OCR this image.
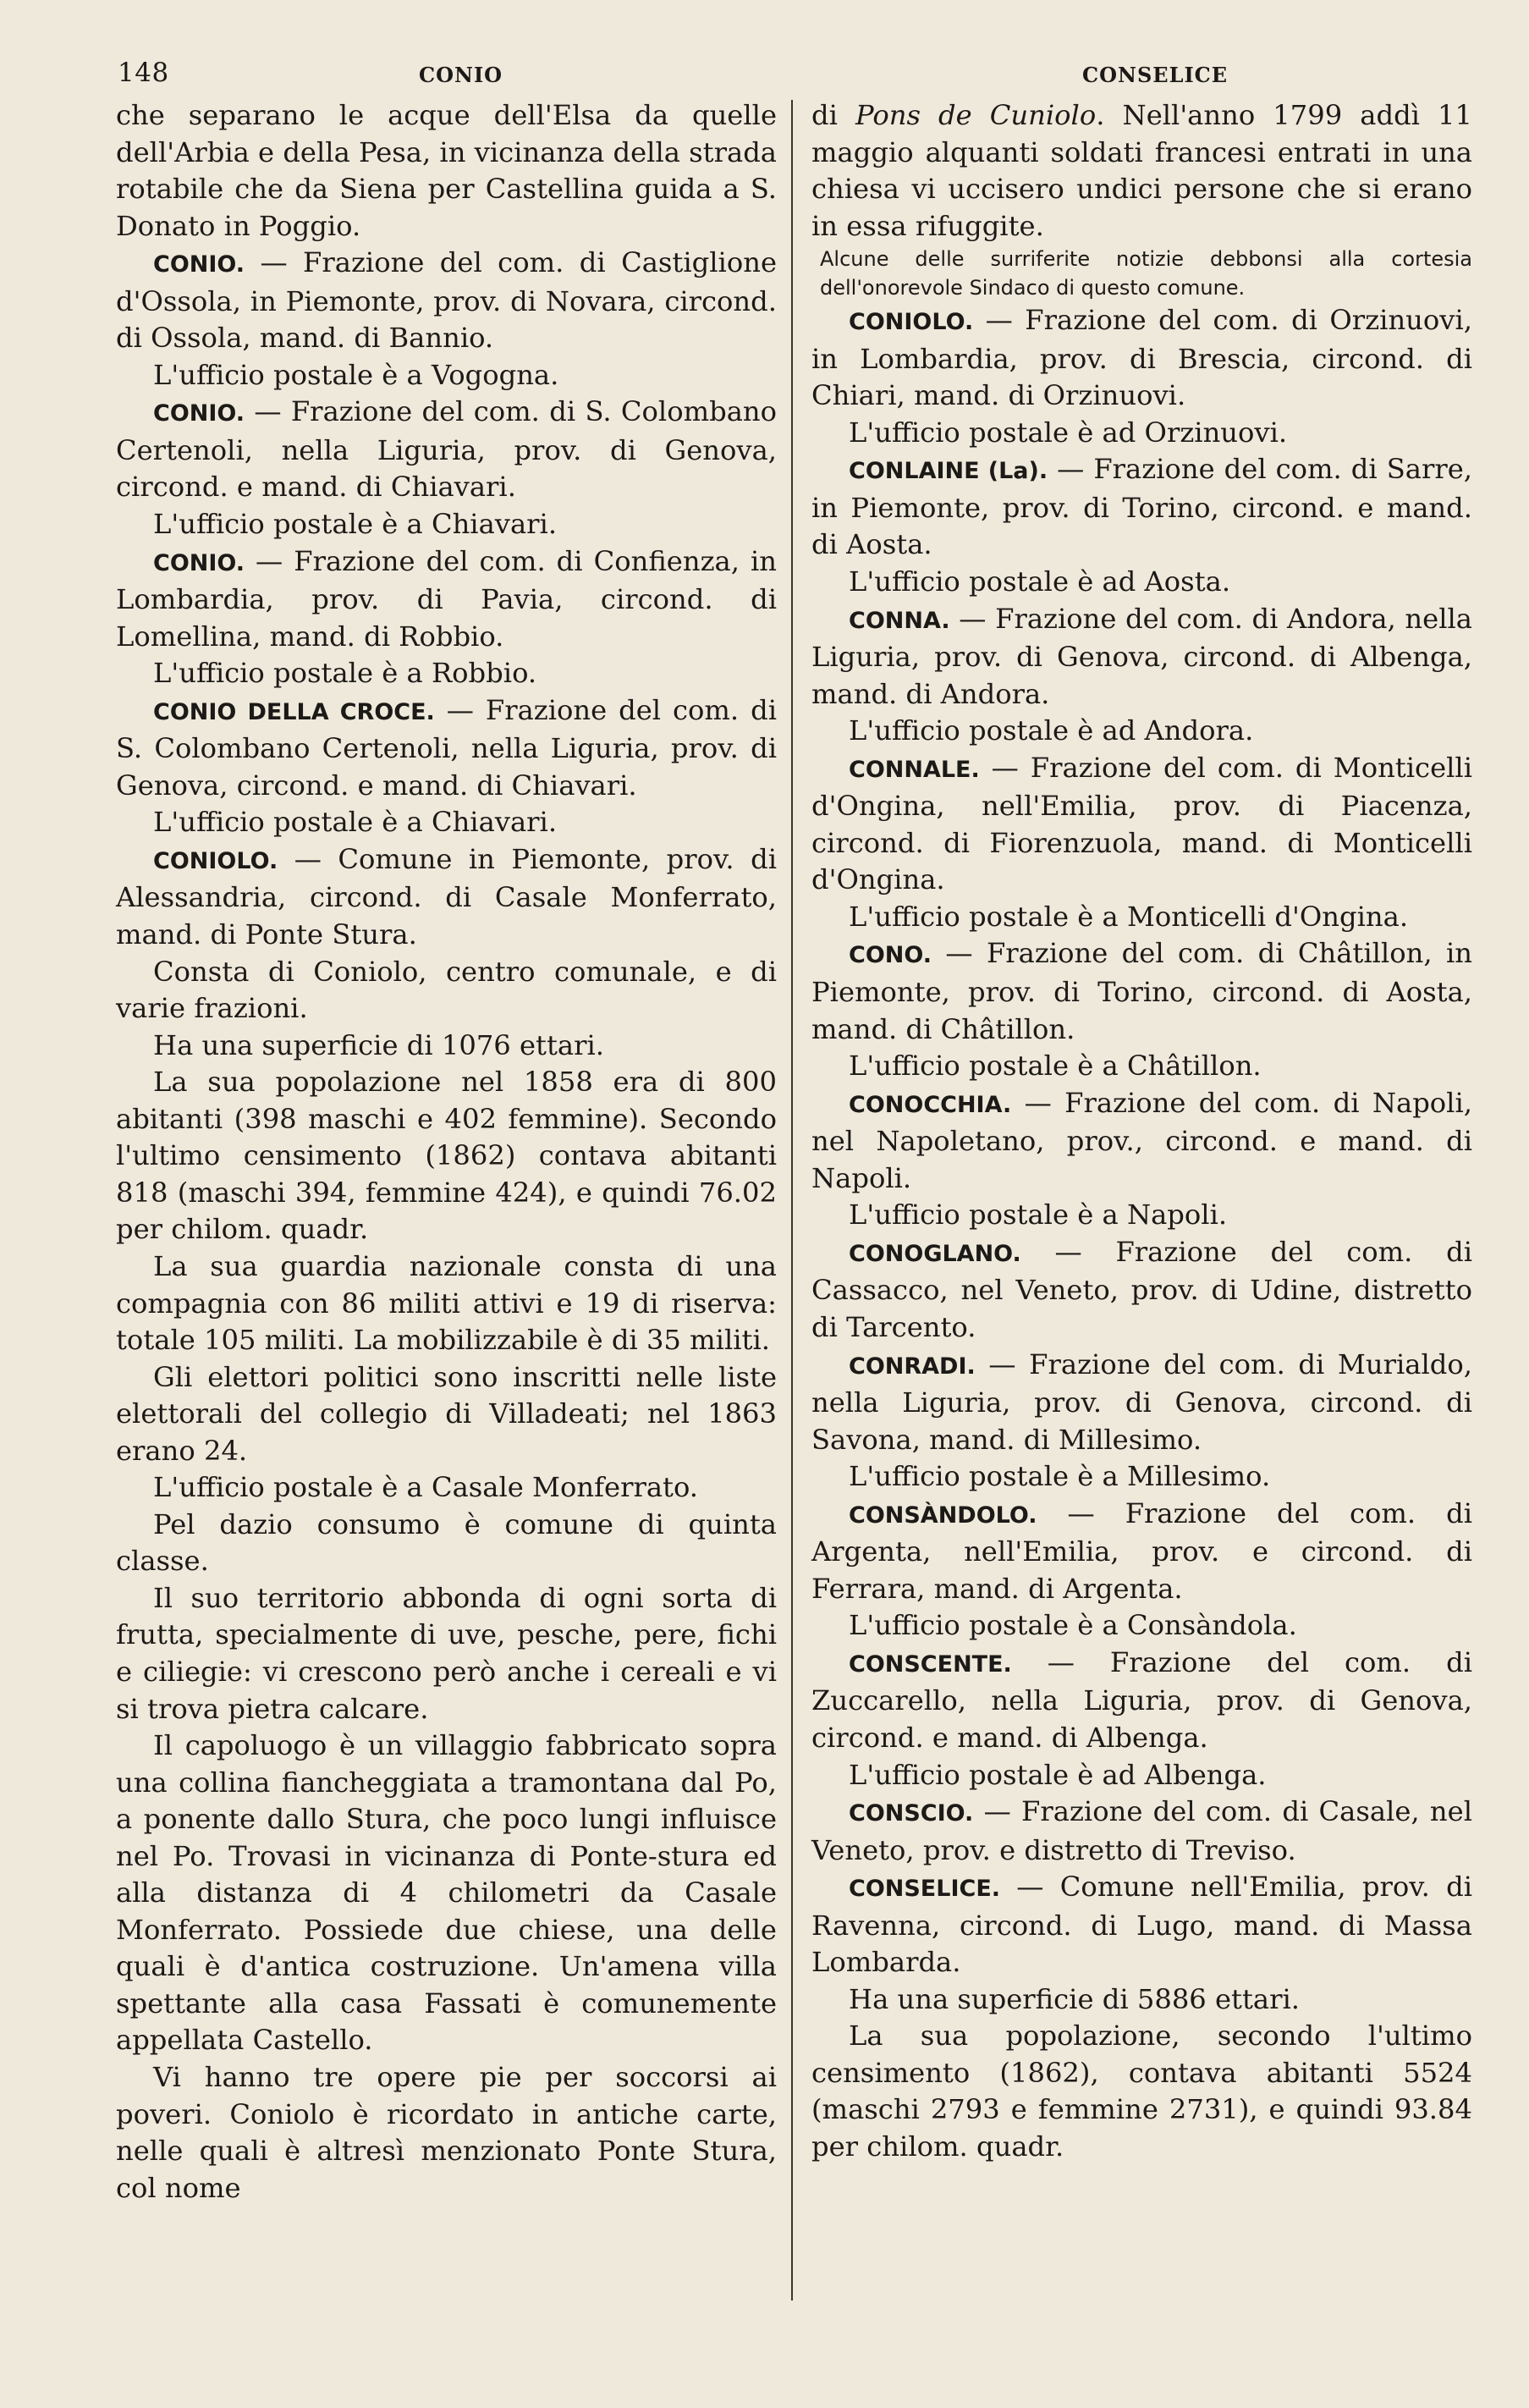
148	CONIO	CONSELICE

che separano le acque dell'Elsa da quelle dell'Arbia e della Pesa, in vicinanza della strada rotabile che da Siena per Castellina guida a S. Donato in Poggio.

CONIO. — Frazione del com. di Castiglione d'Ossola, in Piemonte, prov. di Novara, circond. di Ossola, mand. di Bannio.

L'ufficio postale è a Vogogna.

CONIO. — Frazione del com. di S. Colombano Certenoli, nella Liguria, prov. di Genova, circond. e mand. di Chiavari.

L'ufficio postale è a Chiavari.

CONIO. — Frazione del com. di Confienza, in Lombardia, prov. di Pavia, circond. di Lomellina, mand. di Robbio.

L'ufficio postale è a Robbio.

CONIO DELLA CROCE. — Frazione del com. di S. Colombano Certenoli, nella Liguria, prov. di Genova, circond. e mand. di Chiavari.

L'ufficio postale è a Chiavari.

CONIOLO. — Comune in Piemonte, prov. di Alessandria, circond. di Casale Monferrato, mand. di Ponte Stura.

Consta di Coniolo, centro comunale, e di varie frazioni.

Ha una superficie di 1076 ettari.

La sua popolazione nel 1858 era di 800 abitanti (398 maschi e 402 femmine). Secondo l'ultimo censimento (1862) contava abitanti 818 (maschi 394, femmine 424), e quindi 76.02 per chilom. quadr.

La sua guardia nazionale consta di una compagnia con 86 militi attivi e 19 di riserva: totale 105 militi. La mobilizzabile è di 35 militi.

Gli elettori politici sono inscritti nelle liste elettorali del collegio di Villadeati; nel 1863 erano 24.

L'ufficio postale è a Casale Monferrato.

Pel dazio consumo è comune di quinta classe.

Il suo territorio abbonda di ogni sorta di frutta, specialmente di uve, pesche, pere, fichi e ciliegie: vi crescono però anche i cereali e vi si trova pietra calcare.

Il capoluogo è un villaggio fabbricato sopra una collina fiancheggiata a tramontana dal Po, a ponente dallo Stura, che poco lungi influisce nel Po. Trovasi in vicinanza di Ponte-stura ed alla distanza di 4 chilometri da Casale Monferrato. Possiede due chiese, una delle quali è d'antica costruzione. Un'amena villa spettante alla casa Fassati è comunemente appellata Castello.

Vi hanno tre opere pie per soccorsi ai poveri. Coniolo è ricordato in antiche carte, nelle quali è altresì menzionato Ponte Stura, col nome

di Pons de Cuniolo. Nell'anno 1799 addì 11 maggio alquanti soldati francesi entrati in una chiesa vi uccisero undici persone che si erano in essa rifuggite.

Alcune delle surriferite notizie debbonsi alla cortesia dell'onorevole Sindaco di questo comune.

CONIOLO. — Frazione del com. di Orzinuovi, in Lombardia, prov. di Brescia, circond. di Chiari, mand. di Orzinuovi.

L'ufficio postale è ad Orzinuovi.

CONLAINE (La). — Frazione del com. di Sarre, in Piemonte, prov. di Torino, circond. e mand. di Aosta.

L'ufficio postale è ad Aosta.

CONNA. — Frazione del com. di Andora, nella Liguria, prov. di Genova, circond. di Albenga, mand. di Andora.

L'ufficio postale è ad Andora.

CONNALE. — Frazione del com. di Monticelli d'Ongina, nell'Emilia, prov. di Piacenza, circond. di Fiorenzuola, mand. di Monticelli d'Ongina.

L'ufficio postale è a Monticelli d'Ongina.

CONO. — Frazione del com. di Châtillon, in Piemonte, prov. di Torino, circond. di Aosta, mand. di Châtillon.

L'ufficio postale è a Châtillon.

CONOCCHIA. — Frazione del com. di Napoli, nel Napoletano, prov., circond. e mand. di Napoli.

L'ufficio postale è a Napoli.

CONOGLANO. — Frazione del com. di Cassacco, nel Veneto, prov. di Udine, distretto di Tarcento.

CONRADI. — Frazione del com. di Murialdo, nella Liguria, prov. di Genova, circond. di Savona, mand. di Millesimo.

L'ufficio postale è a Millesimo.

CONSÀNDOLO. — Frazione del com. di Argenta, nell'Emilia, prov. e circond. di Ferrara, mand. di Argenta.

L'ufficio postale è a Consàndola.

CONSCENTE. — Frazione del com. di Zuccarello, nella Liguria, prov. di Genova, circond. e mand. di Albenga.

L'ufficio postale è ad Albenga.

CONSCIO. — Frazione del com. di Casale, nel Veneto, prov. e distretto di Treviso.

CONSELICE. — Comune nell'Emilia, prov. di Ravenna, circond. di Lugo, mand. di Massa Lombarda.

Ha una superficie di 5886 ettari.

La sua popolazione, secondo l'ultimo censimento (1862), contava abitanti 5524 (maschi 2793 e femmine 2731), e quindi 93.84 per chilom. quadr.
